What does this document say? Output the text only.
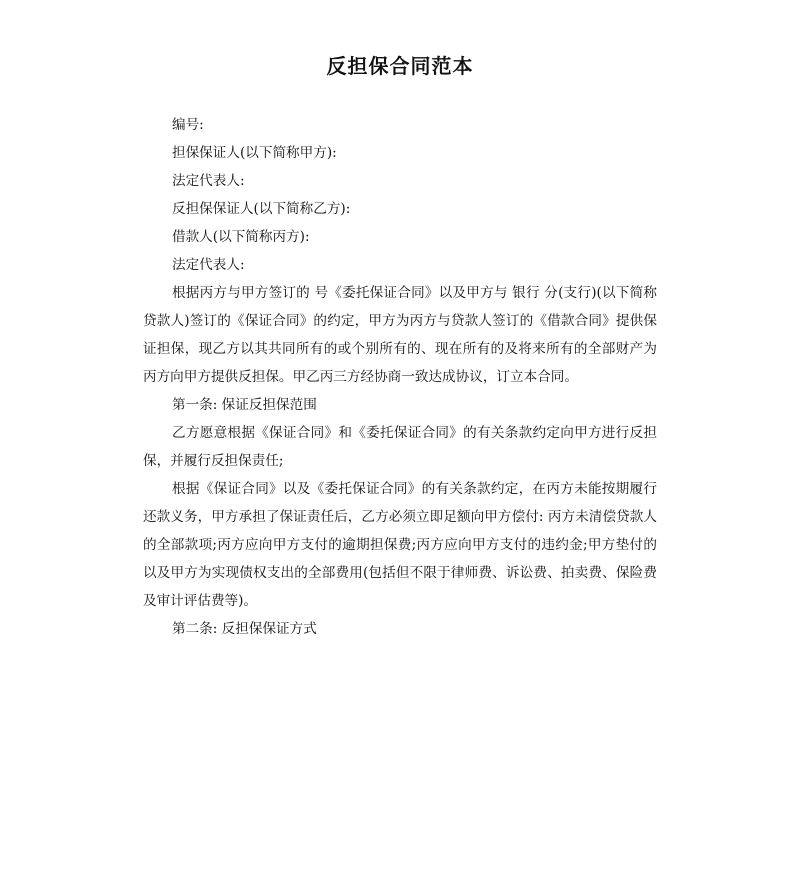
反担保合同范本

编号:

担保保证人(以下简称甲方):

法定代表人:

反担保保证人(以下简称乙方):

借款人(以下简称丙方):

法定代表人:

根据丙方与甲方签订的 号《委托保证合同》以及甲方与 银行 分(支行)(以下简称贷款人)签订的《保证合同》的约定，甲方为丙方与贷款人签订的《借款合同》提供保证担保，现乙方以其共同所有的或个别所有的、现在所有的及将来所有的全部财产为丙方向甲方提供反担保。甲乙丙三方经协商一致达成协议，订立本合同。

第一条: 保证反担保范围

乙方愿意根据《保证合同》和《委托保证合同》的有关条款约定向甲方进行反担保，并履行反担保责任;

根据《保证合同》以及《委托保证合同》的有关条款约定，在丙方未能按期履行还款义务，甲方承担了保证责任后，乙方必须立即足额向甲方偿付: 丙方未清偿贷款人的全部款项;丙方应向甲方支付的逾期担保费;丙方应向甲方支付的违约金;甲方垫付的以及甲方为实现债权支出的全部费用(包括但不限于律师费、诉讼费、拍卖费、保险费及审计评估费等)。

第二条: 反担保保证方式
